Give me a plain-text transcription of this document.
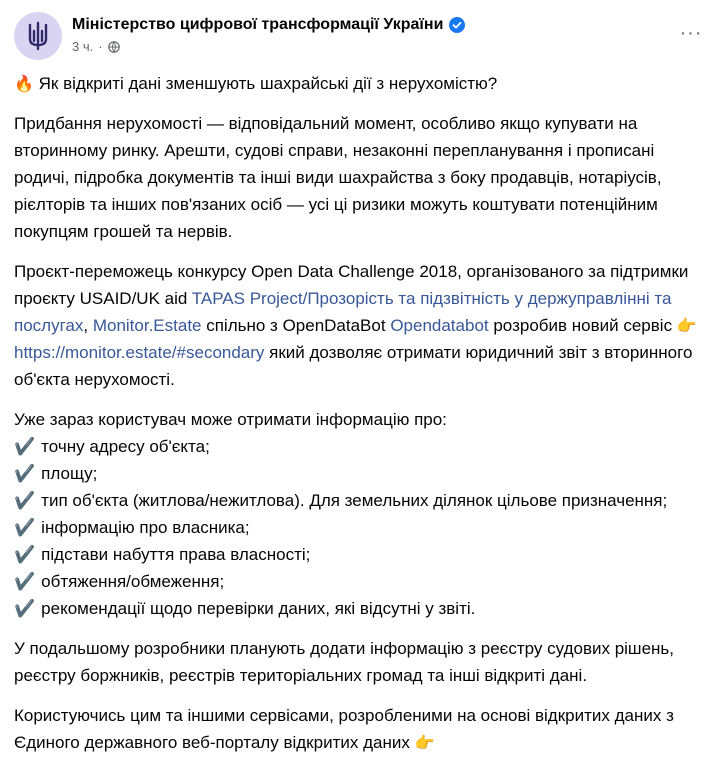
Міністерство цифрової трансформації України
3 ч. ·
···

🔥 Як відкриті дані зменшують шахрайські дії з нерухомістю?

Придбання нерухомості — відповідальний момент, особливо якщо купувати на вторинному ринку. Арешти, судові справи, незаконні перепланування і прописані родичі, підробка документів та інші види шахрайства з боку продавців, нотаріусів, рієлторів та інших пов'язаних осіб — усі ці ризики можуть коштувати потенційним покупцям грошей та нервів.

Проєкт-переможець конкурсу Open Data Challenge 2018, організованого за підтримки проєкту USAID/UK aid TAPAS Project/Прозорість та підзвітність у держуправлінні та послугах, Monitor.Estate спільно з OpenDataBot Opendatabot розробив новий сервіс 👉 https://monitor.estate/#secondary який дозволяє отримати юридичний звіт з вторинного об'єкта нерухомості.

Уже зараз користувач може отримати інформацію про:
✔️ точну адресу об'єкта;
✔️ площу;
✔️ тип об'єкта (житлова/нежитлова). Для земельних ділянок цільове призначення;
✔️ інформацію про власника;
✔️ підстави набуття права власності;
✔️ обтяження/обмеження;
✔️ рекомендації щодо перевірки даних, які відсутні у звіті.

У подальшому розробники планують додати інформацію з реєстру судових рішень, реєстру боржників, реєстрів територіальних громад та інші відкриті дані.

Користуючись цим та іншими сервісами, розробленими на основі відкритих даних з Єдиного державного веб-порталу відкритих даних 👉
